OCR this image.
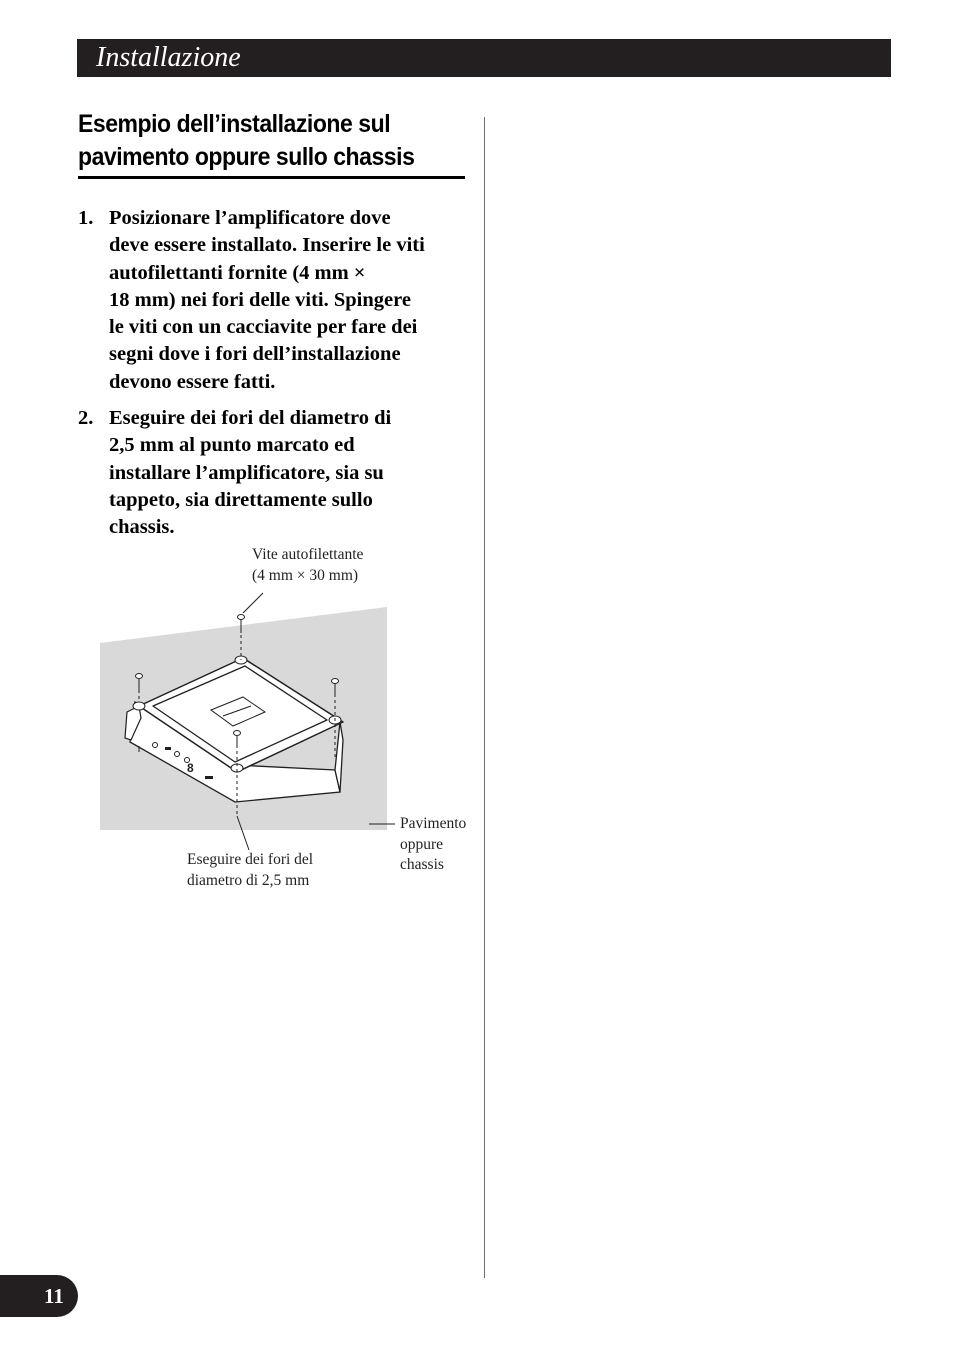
Installazione
Esempio dell’installazione sul
pavimento oppure sullo chassis
1. Posizionare l’amplificatore dove
deve essere installato. Inserire le viti
autofilettanti fornite (4 mm ×
18 mm) nei fori delle viti. Spingere
le viti con un cacciavite per fare dei
segni dove i fori dell’installazione
devono essere fatti.
2. Eseguire dei fori del diametro di
2,5 mm al punto marcato ed
installare l’amplificatore, sia su
tappeto, sia direttamente sullo
chassis.
8
Vite autofilettante
(4 mm × 30 mm)
Eseguire dei fori del
diametro di 2,5 mm
Pavimento
oppure
chassis
11
